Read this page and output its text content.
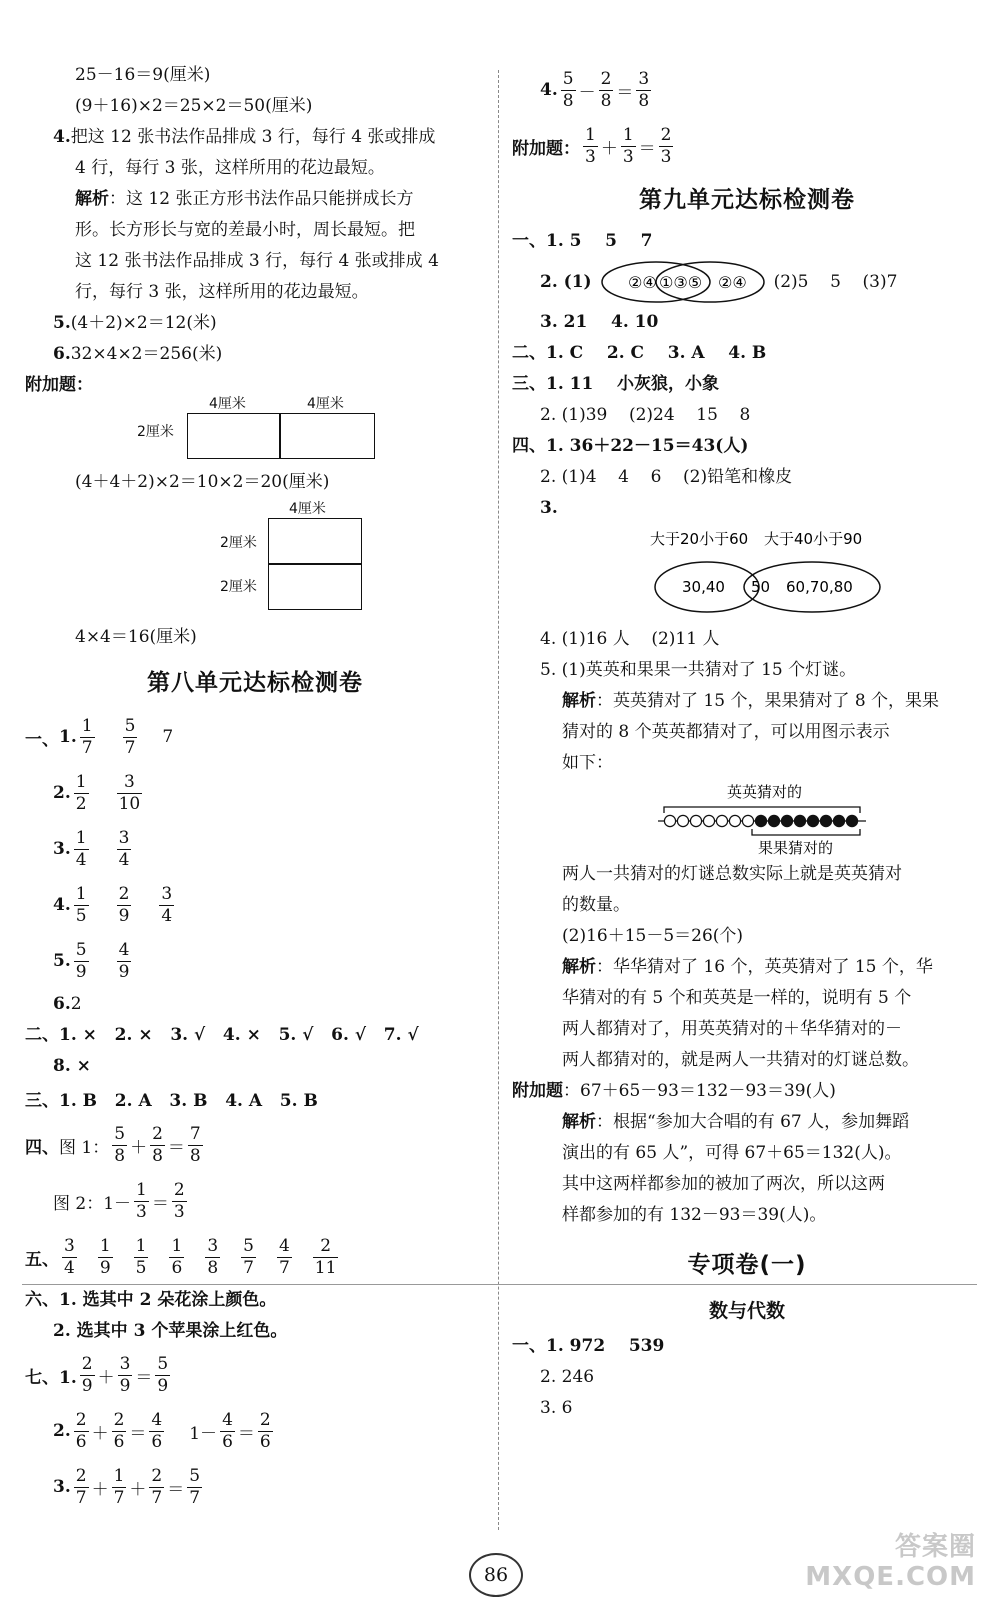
25－16＝9(厘米)
(9＋16)×2＝25×2＝50(厘米)
4.把这 12 张书法作品排成 3 行，每行 4 张或排成
4 行，每行 3 张，这样所用的花边最短。
解析：这 12 张正方形书法作品只能拼成长方
形。长方形长与宽的差最小时，周长最短。把
这 12 张书法作品排成 3 行，每行 4 张或排成 4
行，每行 3 张，这样所用的花边最短。
5.(4＋2)×2＝12(米)
6.32×4×2＝256(米)
附加题：
4厘米	4厘米
2厘米
(4＋4＋2)×2＝10×2＝20(厘米)
4厘米
2厘米
2厘米
4×4＝16(厘米)
第八单元达标检测卷
一、 1. $\frac{1}{7} \frac{5}{7} 7$
2. $\frac{1}{2} \frac{3}{10}$
3. $\frac{1}{4} \frac{3}{4}$
4. $\frac{1}{5} \frac{2}{9} \frac{3}{4}$
5. $\frac{5}{9} \frac{4}{9}$
6.2
二、1. ×   2. ×   3. √   4. ×   5. √   6. √   7. √
8. ×
三、1. B   2. A   3. B   4. A   5. B
四、 图 1： $\frac{5}{8} + \frac{2}{8} = \frac{7}{8}$
图 2：$1- \frac{1}{3} = \frac{2}{3}$
五、 $\frac{3}{4} \frac{1}{9} \frac{1}{5} \frac{1}{6} \frac{3}{8} \frac{5}{7} \frac{4}{7} \frac{2}{11}$
六、1. 选其中 2 朵花涂上颜色。
2. 选其中 3 个苹果涂上红色。
七、1. $\frac{2}{9} + \frac{3}{9} = \frac{5}{9}$
2. $\frac{2}{6} + \frac{2}{6} = \frac{4}{6} 1- \frac{4}{6} = \frac{2}{6}$
3. $\frac{2}{7} + \frac{1}{7} + \frac{2}{7} = \frac{5}{7}$
4. $\frac{5}{8} - \frac{2}{8} = \frac{3}{8}$
附加题： $\frac{1}{3} + \frac{1}{3} = \frac{2}{3}$
第九单元达标检测卷
一、1. 5    5    7
2. (1) ②④ ①③⑤ ②④ (2)5    5    (3)7
3. 21    4. 10
二、1. C    2. C    3. A    4. B
三、1. 11    小灰狼，小象
2. (1)39    (2)24    15    8
四、1. 36＋22－15＝43(人)
2. (1)4    4    6    (2)铅笔和橡皮
3.
大于20小于60 大于40小于90
30,40 50 60,70,80
4. (1)16 人    (2)11 人
5. (1)英英和果果一共猜对了 15 个灯谜。
解析：英英猜对了 15 个，果果猜对了 8 个，果果
猜对的 8 个英英都猜对了，可以用图示表示
如下：
英英猜对的
果果猜对的
两人一共猜对的灯谜总数实际上就是英英猜对
的数量。
(2)16＋15－5＝26(个)
解析：华华猜对了 16 个，英英猜对了 15 个，华
华猜对的有 5 个和英英是一样的，说明有 5 个
两人都猜对了，用英英猜对的＋华华猜对的－
两人都猜对的，就是两人一共猜对的灯谜总数。
附加题：67＋65－93＝132－93＝39(人)
解析：根据“参加大合唱的有 67 人，参加舞蹈
演出的有 65 人”，可得 67＋65＝132(人)。
其中这两样都参加的被加了两次，所以这两
样都参加的有 132－93＝39(人)。
专项卷(一)
数与代数
一、1. 972    539
2. 246
3. 6
86
答案圈
MXQE.COM
